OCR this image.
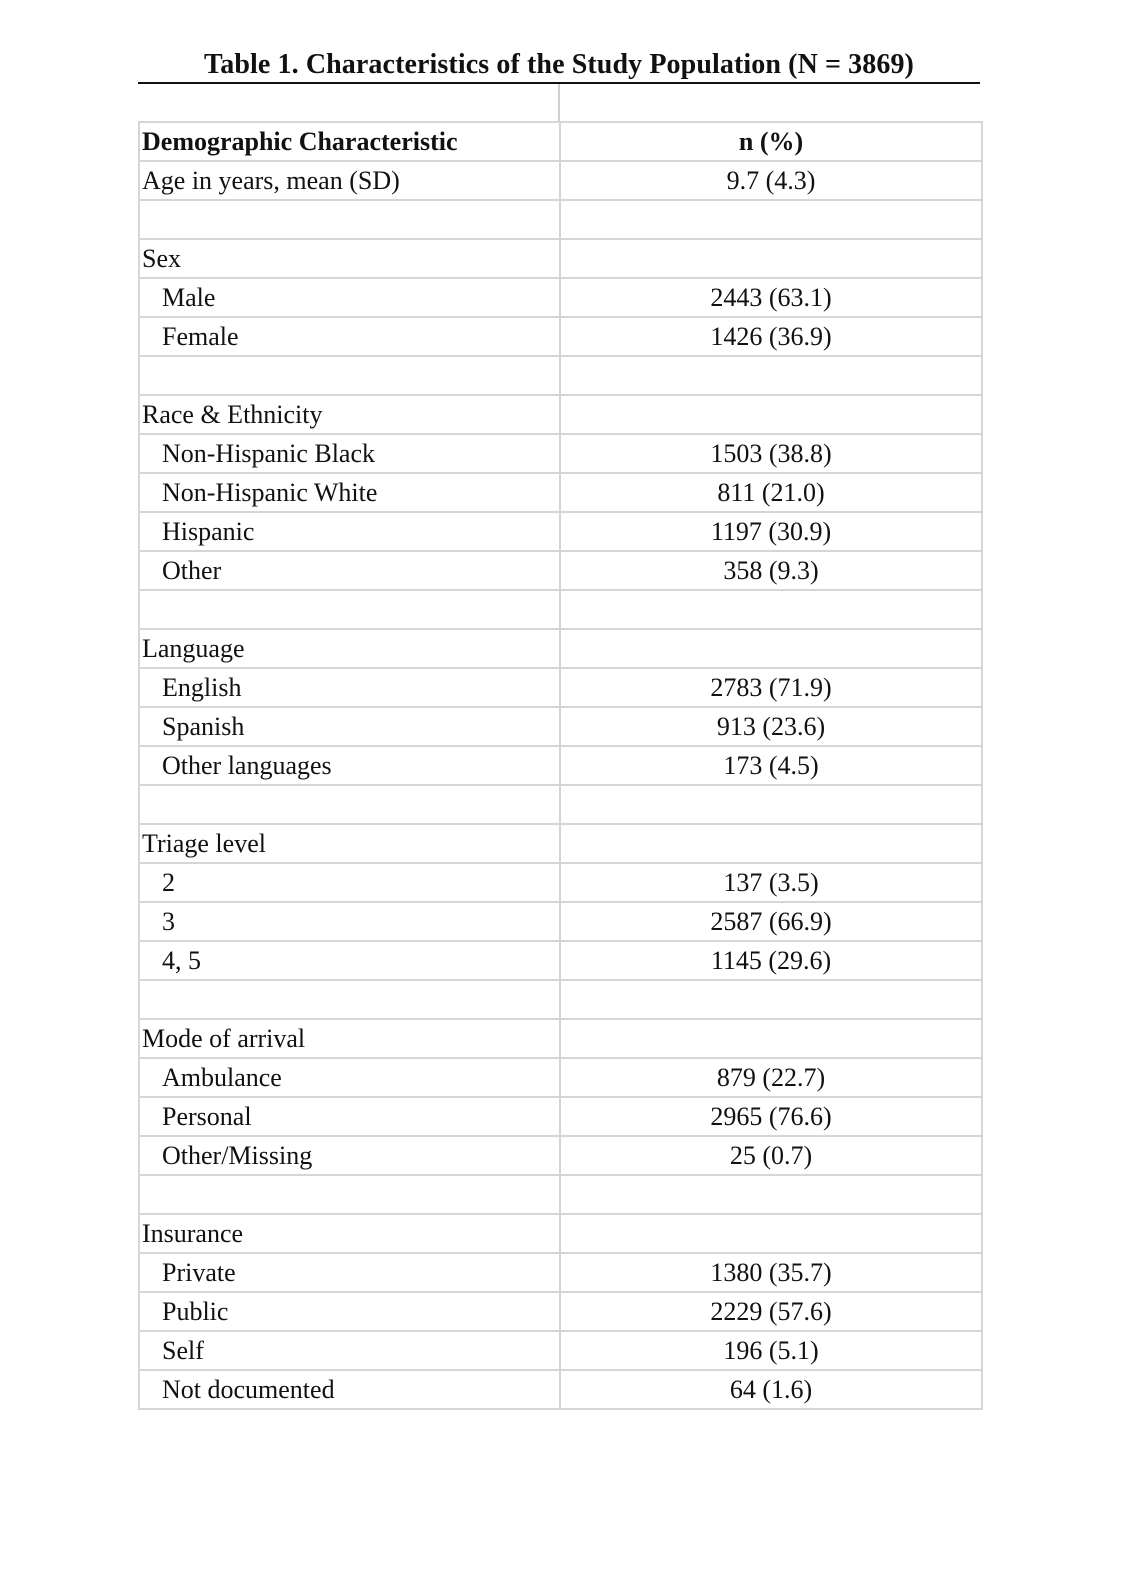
Table 1. Characteristics of the Study Population (N = 3869)
Demographic Characteristic	n (%)
Age in years, mean (SD)	9.7 (4.3)

Sex	
Male	2443 (63.1)
Female	1426 (36.9)

Race & Ethnicity	
Non-Hispanic Black	1503 (38.8)
Non-Hispanic White	811 (21.0)
Hispanic	1197 (30.9)
Other	358 (9.3)

Language	
English	2783 (71.9)
Spanish	913 (23.6)
Other languages	173 (4.5)

Triage level	
2	137 (3.5)
3	2587 (66.9)
4, 5	1145 (29.6)

Mode of arrival	
Ambulance	879 (22.7)
Personal	2965 (76.6)
Other/Missing	25 (0.7)

Insurance	
Private	1380 (35.7)
Public	2229 (57.6)
Self	196 (5.1)
Not documented	64 (1.6)
